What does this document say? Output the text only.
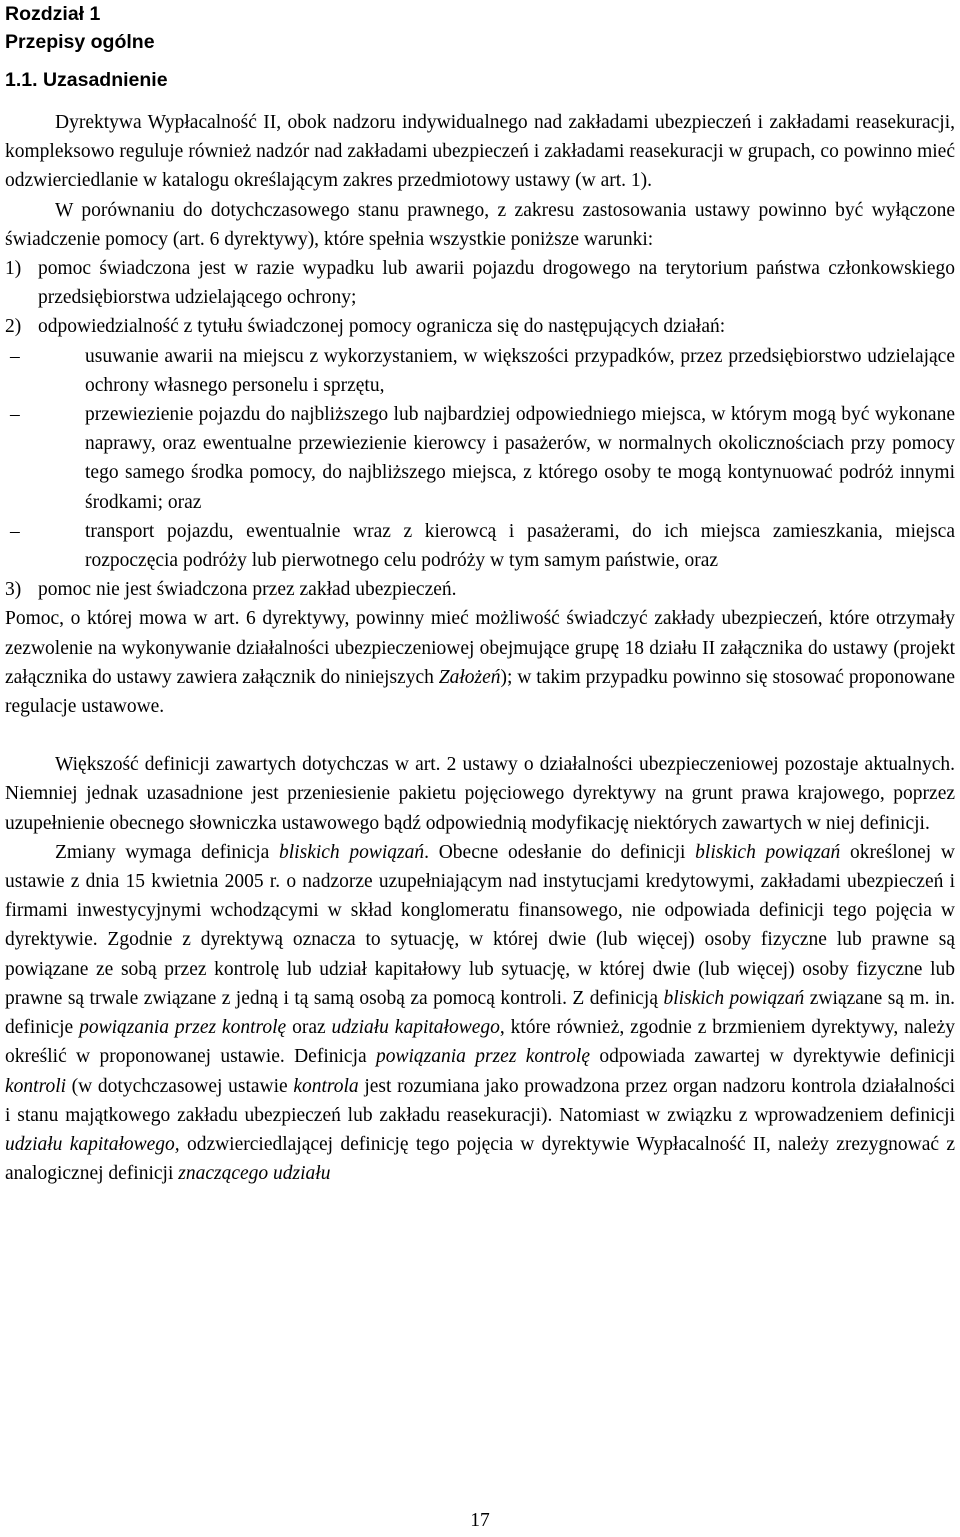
Rozdział 1
Przepisy ogólne
1.1. Uzasadnienie

Dyrektywa Wypłacalność II, obok nadzoru indywidualnego nad zakładami ubezpieczeń i zakładami reasekuracji, kompleksowo reguluje również nadzór nad zakładami ubezpieczeń i zakładami reasekuracji w grupach, co powinno mieć odzwierciedlanie w katalogu określającym zakres przedmiotowy ustawy (w art. 1).

W porównaniu do dotychczasowego stanu prawnego, z zakresu zastosowania ustawy powinno być wyłączone świadczenie pomocy (art. 6 dyrektywy), które spełnia wszystkie poniższe warunki:

1) pomoc świadczona jest w razie wypadku lub awarii pojazdu drogowego na terytorium państwa członkowskiego przedsiębiorstwa udzielającego ochrony;
2) odpowiedzialność z tytułu świadczonej pomocy ogranicza się do następujących działań:
–	usuwanie awarii na miejscu z wykorzystaniem, w większości przypadków, przez przedsiębiorstwo udzielające ochrony własnego personelu i sprzętu,
–	przewiezienie pojazdu do najbliższego lub najbardziej odpowiedniego miejsca, w którym mogą być wykonane naprawy, oraz ewentualne przewiezienie kierowcy i pasażerów, w normalnych okolicznościach przy pomocy tego samego środka pomocy, do najbliższego miejsca, z którego osoby te mogą kontynuować podróż innymi środkami; oraz
–	transport pojazdu, ewentualnie wraz z kierowcą i pasażerami, do ich miejsca zamieszkania, miejsca rozpoczęcia podróży lub pierwotnego celu podróży w tym samym państwie, oraz
3) pomoc nie jest świadczona przez zakład ubezpieczeń.

Pomoc, o której mowa w art. 6 dyrektywy, powinny mieć możliwość świadczyć zakłady ubezpieczeń, które otrzymały zezwolenie na wykonywanie działalności ubezpieczeniowej obejmujące grupę 18 działu II załącznika do ustawy (projekt załącznika do ustawy zawiera załącznik do niniejszych Założeń); w takim przypadku powinno się stosować proponowane regulacje ustawowe.

Większość definicji zawartych dotychczas w art. 2 ustawy o działalności ubezpieczeniowej pozostaje aktualnych. Niemniej jednak uzasadnione jest przeniesienie pakietu pojęciowego dyrektywy na grunt prawa krajowego, poprzez uzupełnienie obecnego słowniczka ustawowego bądź odpowiednią modyfikację niektórych zawartych w niej definicji.

Zmiany wymaga definicja bliskich powiązań. Obecne odesłanie do definicji bliskich powiązań określonej w ustawie z dnia 15 kwietnia 2005 r. o nadzorze uzupełniającym nad instytucjami kredytowymi, zakładami ubezpieczeń i firmami inwestycyjnymi wchodzącymi w skład konglomeratu finansowego, nie odpowiada definicji tego pojęcia w dyrektywie. Zgodnie z dyrektywą oznacza to sytuację, w której dwie (lub więcej) osoby fizyczne lub prawne są powiązane ze sobą przez kontrolę lub udział kapitałowy lub sytuację, w której dwie (lub więcej) osoby fizyczne lub prawne są trwale związane z jedną i tą samą osobą za pomocą kontroli. Z definicją bliskich powiązań związane są m. in. definicje powiązania przez kontrolę oraz udziału kapitałowego, które również, zgodnie z brzmieniem dyrektywy, należy określić w proponowanej ustawie. Definicja powiązania przez kontrolę odpowiada zawartej w dyrektywie definicji kontroli (w dotychczasowej ustawie kontrola jest rozumiana jako prowadzona przez organ nadzoru kontrola działalności i stanu majątkowego zakładu ubezpieczeń lub zakładu reasekuracji). Natomiast w związku z wprowadzeniem definicji udziału kapitałowego, odzwierciedlającej definicję tego pojęcia w dyrektywie Wypłacalność II, należy zrezygnować z analogicznej definicji znaczącego udziału

17
